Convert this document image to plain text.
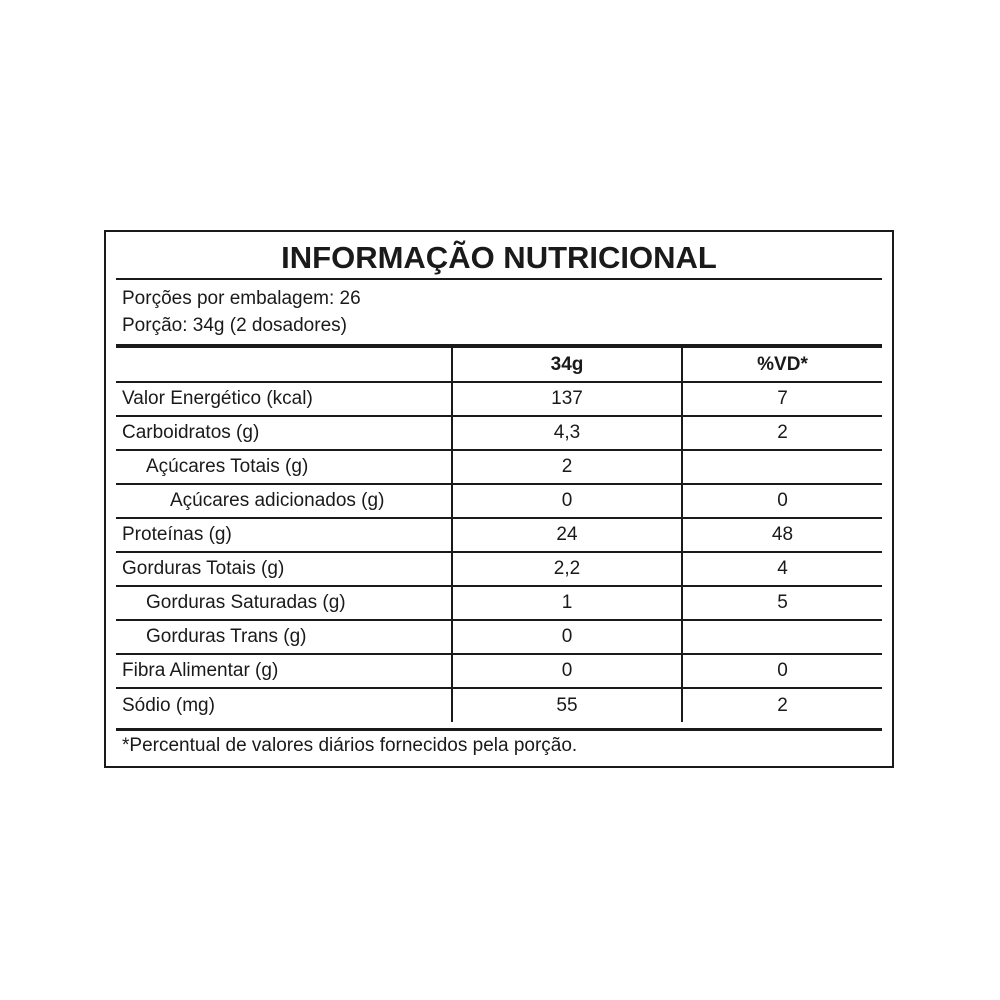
INFORMAÇÃO NUTRICIONAL
Porções por embalagem: 26
Porção: 34g (2 dosadores)
	34g	%VD*
Valor Energético (kcal)	137	7
Carboidratos (g)	4,3	2
Açúcares Totais (g)	2	
Açúcares adicionados (g)	0	0
Proteínas (g)	24	48
Gorduras Totais (g)	2,2	4
Gorduras Saturadas (g)	1	5
Gorduras Trans (g)	0	
Fibra Alimentar (g)	0	0
Sódio (mg)	55	2
*Percentual de valores diários fornecidos pela porção.
